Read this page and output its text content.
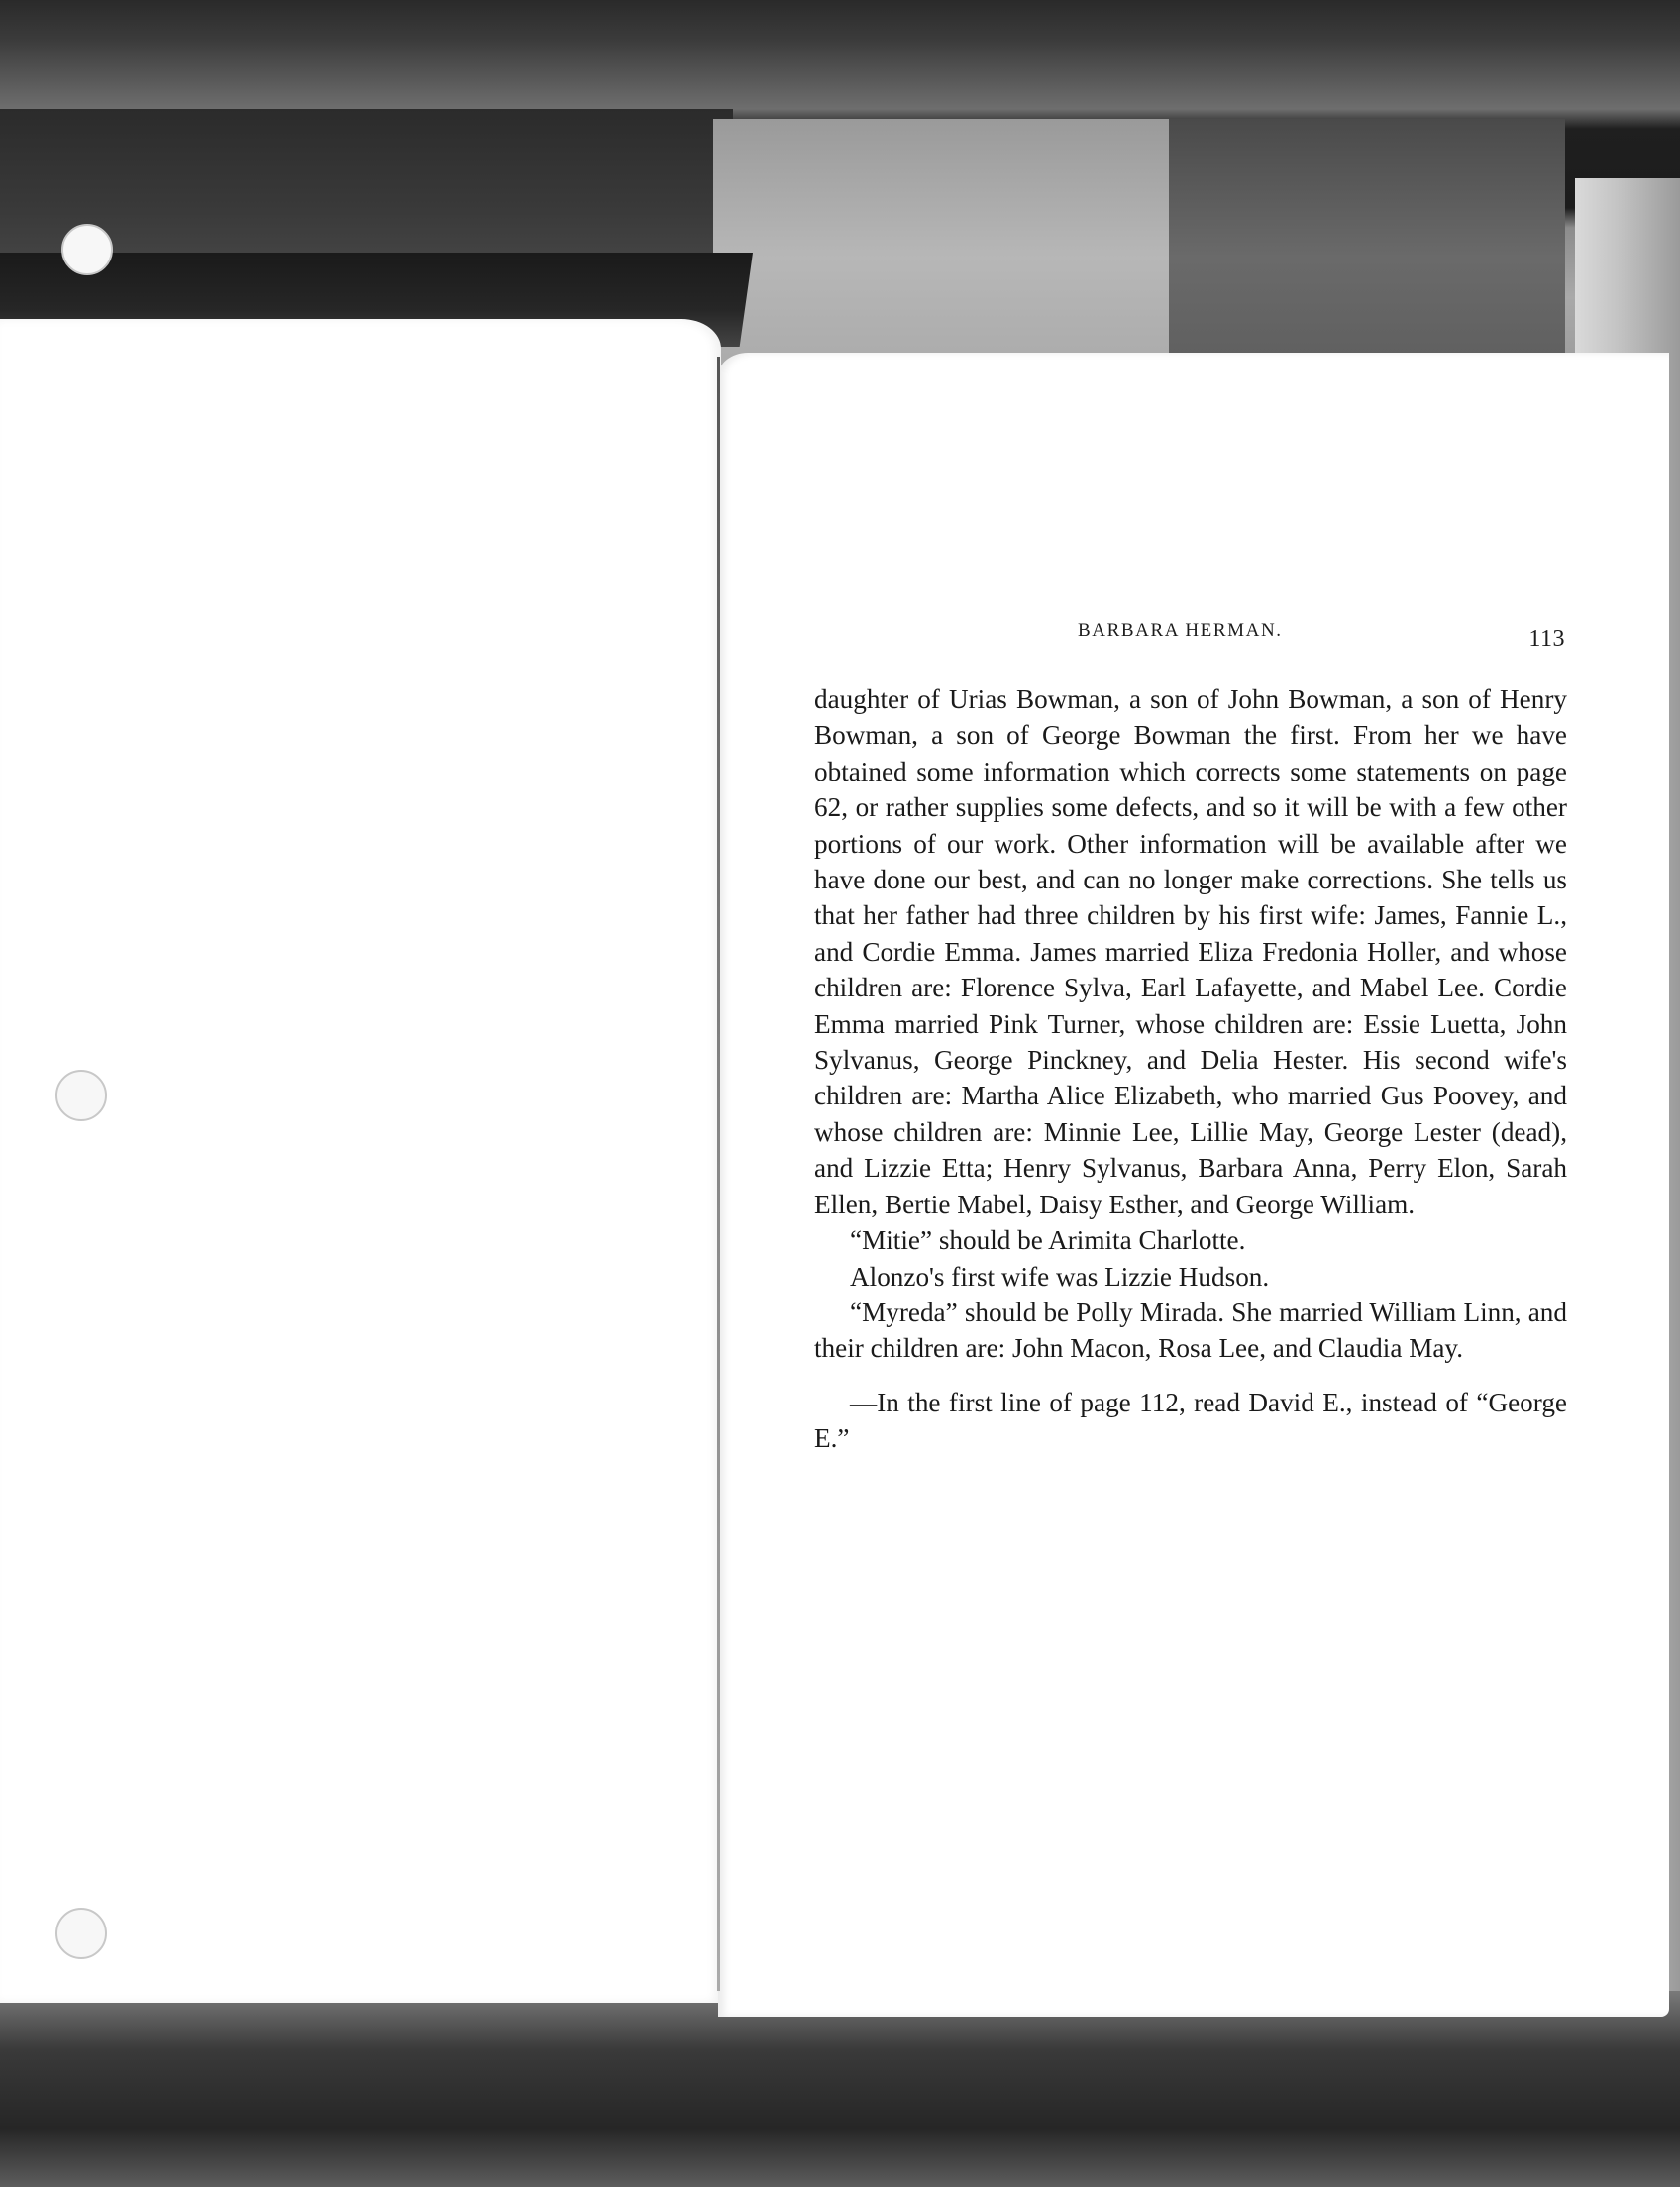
BARBARA HERMAN.	113

daughter of Urias Bowman, a son of John Bowman, a son of Henry Bowman, a son of George Bowman the first. From her we have obtained some information which corrects some statements on page 62, or rather supplies some defects, and so it will be with a few other portions of our work. Other information will be available after we have done our best, and can no longer make corrections. She tells us that her father had three children by his first wife: James, Fannie L., and Cordie Emma. James married Eliza Fredonia Holler, and whose children are: Florence Sylva, Earl Lafayette, and Mabel Lee. Cordie Emma married Pink Turner, whose children are: Essie Luetta, John Sylvanus, George Pinckney, and Delia Hester. His second wife's children are: Martha Alice Elizabeth, who married Gus Poovey, and whose children are: Minnie Lee, Lillie May, George Lester (dead), and Lizzie Etta; Henry Sylvanus, Barbara Anna, Perry Elon, Sarah Ellen, Bertie Mabel, Daisy Esther, and George William.

“Mitie” should be Arimita Charlotte.

Alonzo's first wife was Lizzie Hudson.

“Myreda” should be Polly Mirada. She married William Linn, and their children are: John Macon, Rosa Lee, and Claudia May.

—In the first line of page 112, read David E., instead of “George E.”
